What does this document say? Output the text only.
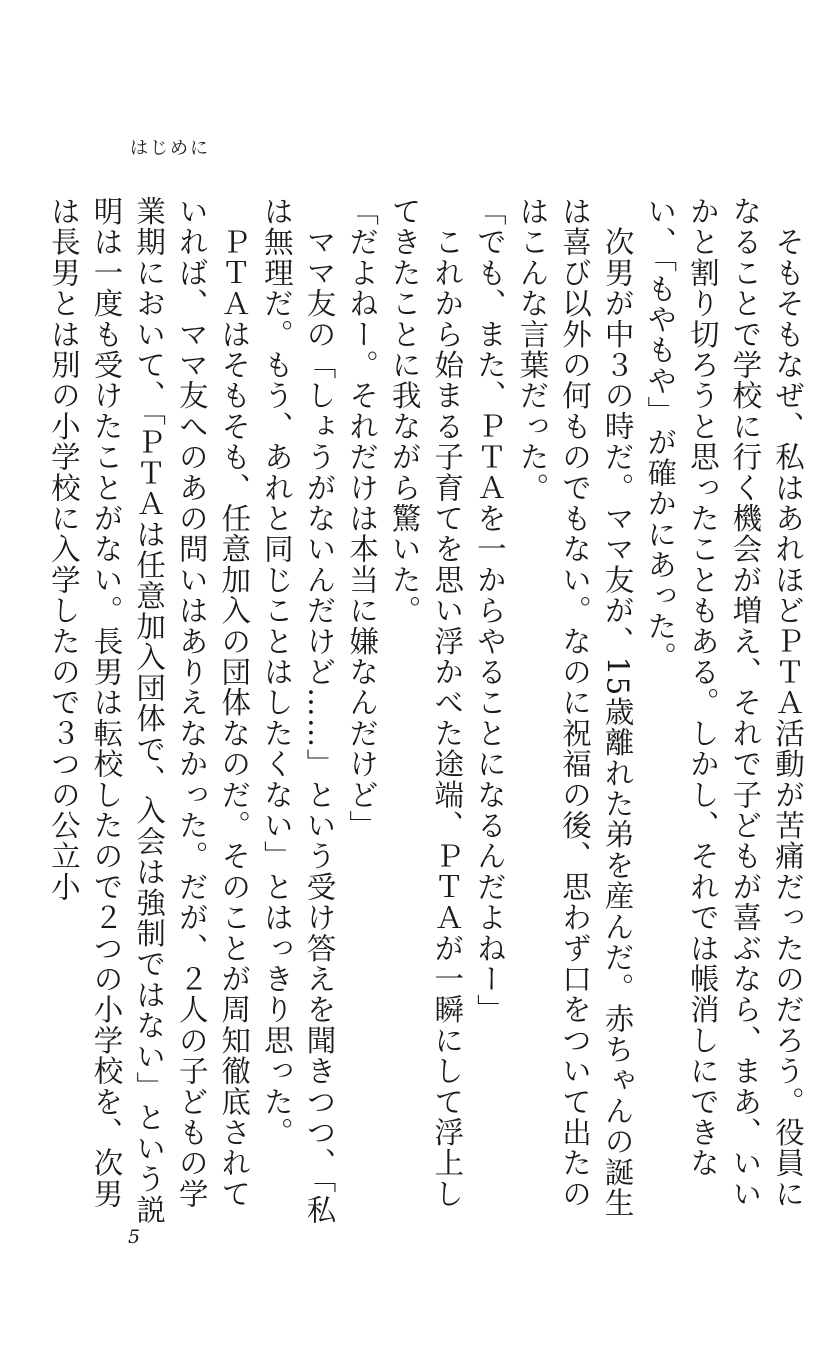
はじめに

　そもそもなぜ、私はあれほどＰＴＡ活動が苦痛だったのだろう。役員になることで学校に行く機会が増え、それで子どもが喜ぶなら、まあ、いいかと割り切ろうと思ったこともある。しかし、それでは帳消しにできない、「もやもや」が確かにあった。

　次男が中３の時だ。ママ友が、15歳離れた弟を産んだ。赤ちゃんの誕生は喜び以外の何ものでもない。なのに祝福の後、思わず口をついて出たのはこんな言葉だった。

「でも、また、ＰＴＡを一からやることになるんだよねー」

　これから始まる子育てを思い浮かべた途端、ＰＴＡが一瞬にして浮上してきたことに我ながら驚いた。

「だよねー。それだけは本当に嫌なんだけど」

　ママ友の「しょうがないんだけど……」という受け答えを聞きつつ、「私は無理だ。もう、あれと同じことはしたくない」とはっきり思った。

　ＰＴＡはそもそも、任意加入の団体なのだ。そのことが周知徹底されていれば、ママ友へのあの問いはありえなかった。だが、２人の子どもの学業期において、「ＰＴＡは任意加入団体で、入会は強制ではない」という説明は一度も受けたことがない。長男は転校したので２つの小学校を、次男は長男とは別の小学校に入学したので３つの公立小

5
